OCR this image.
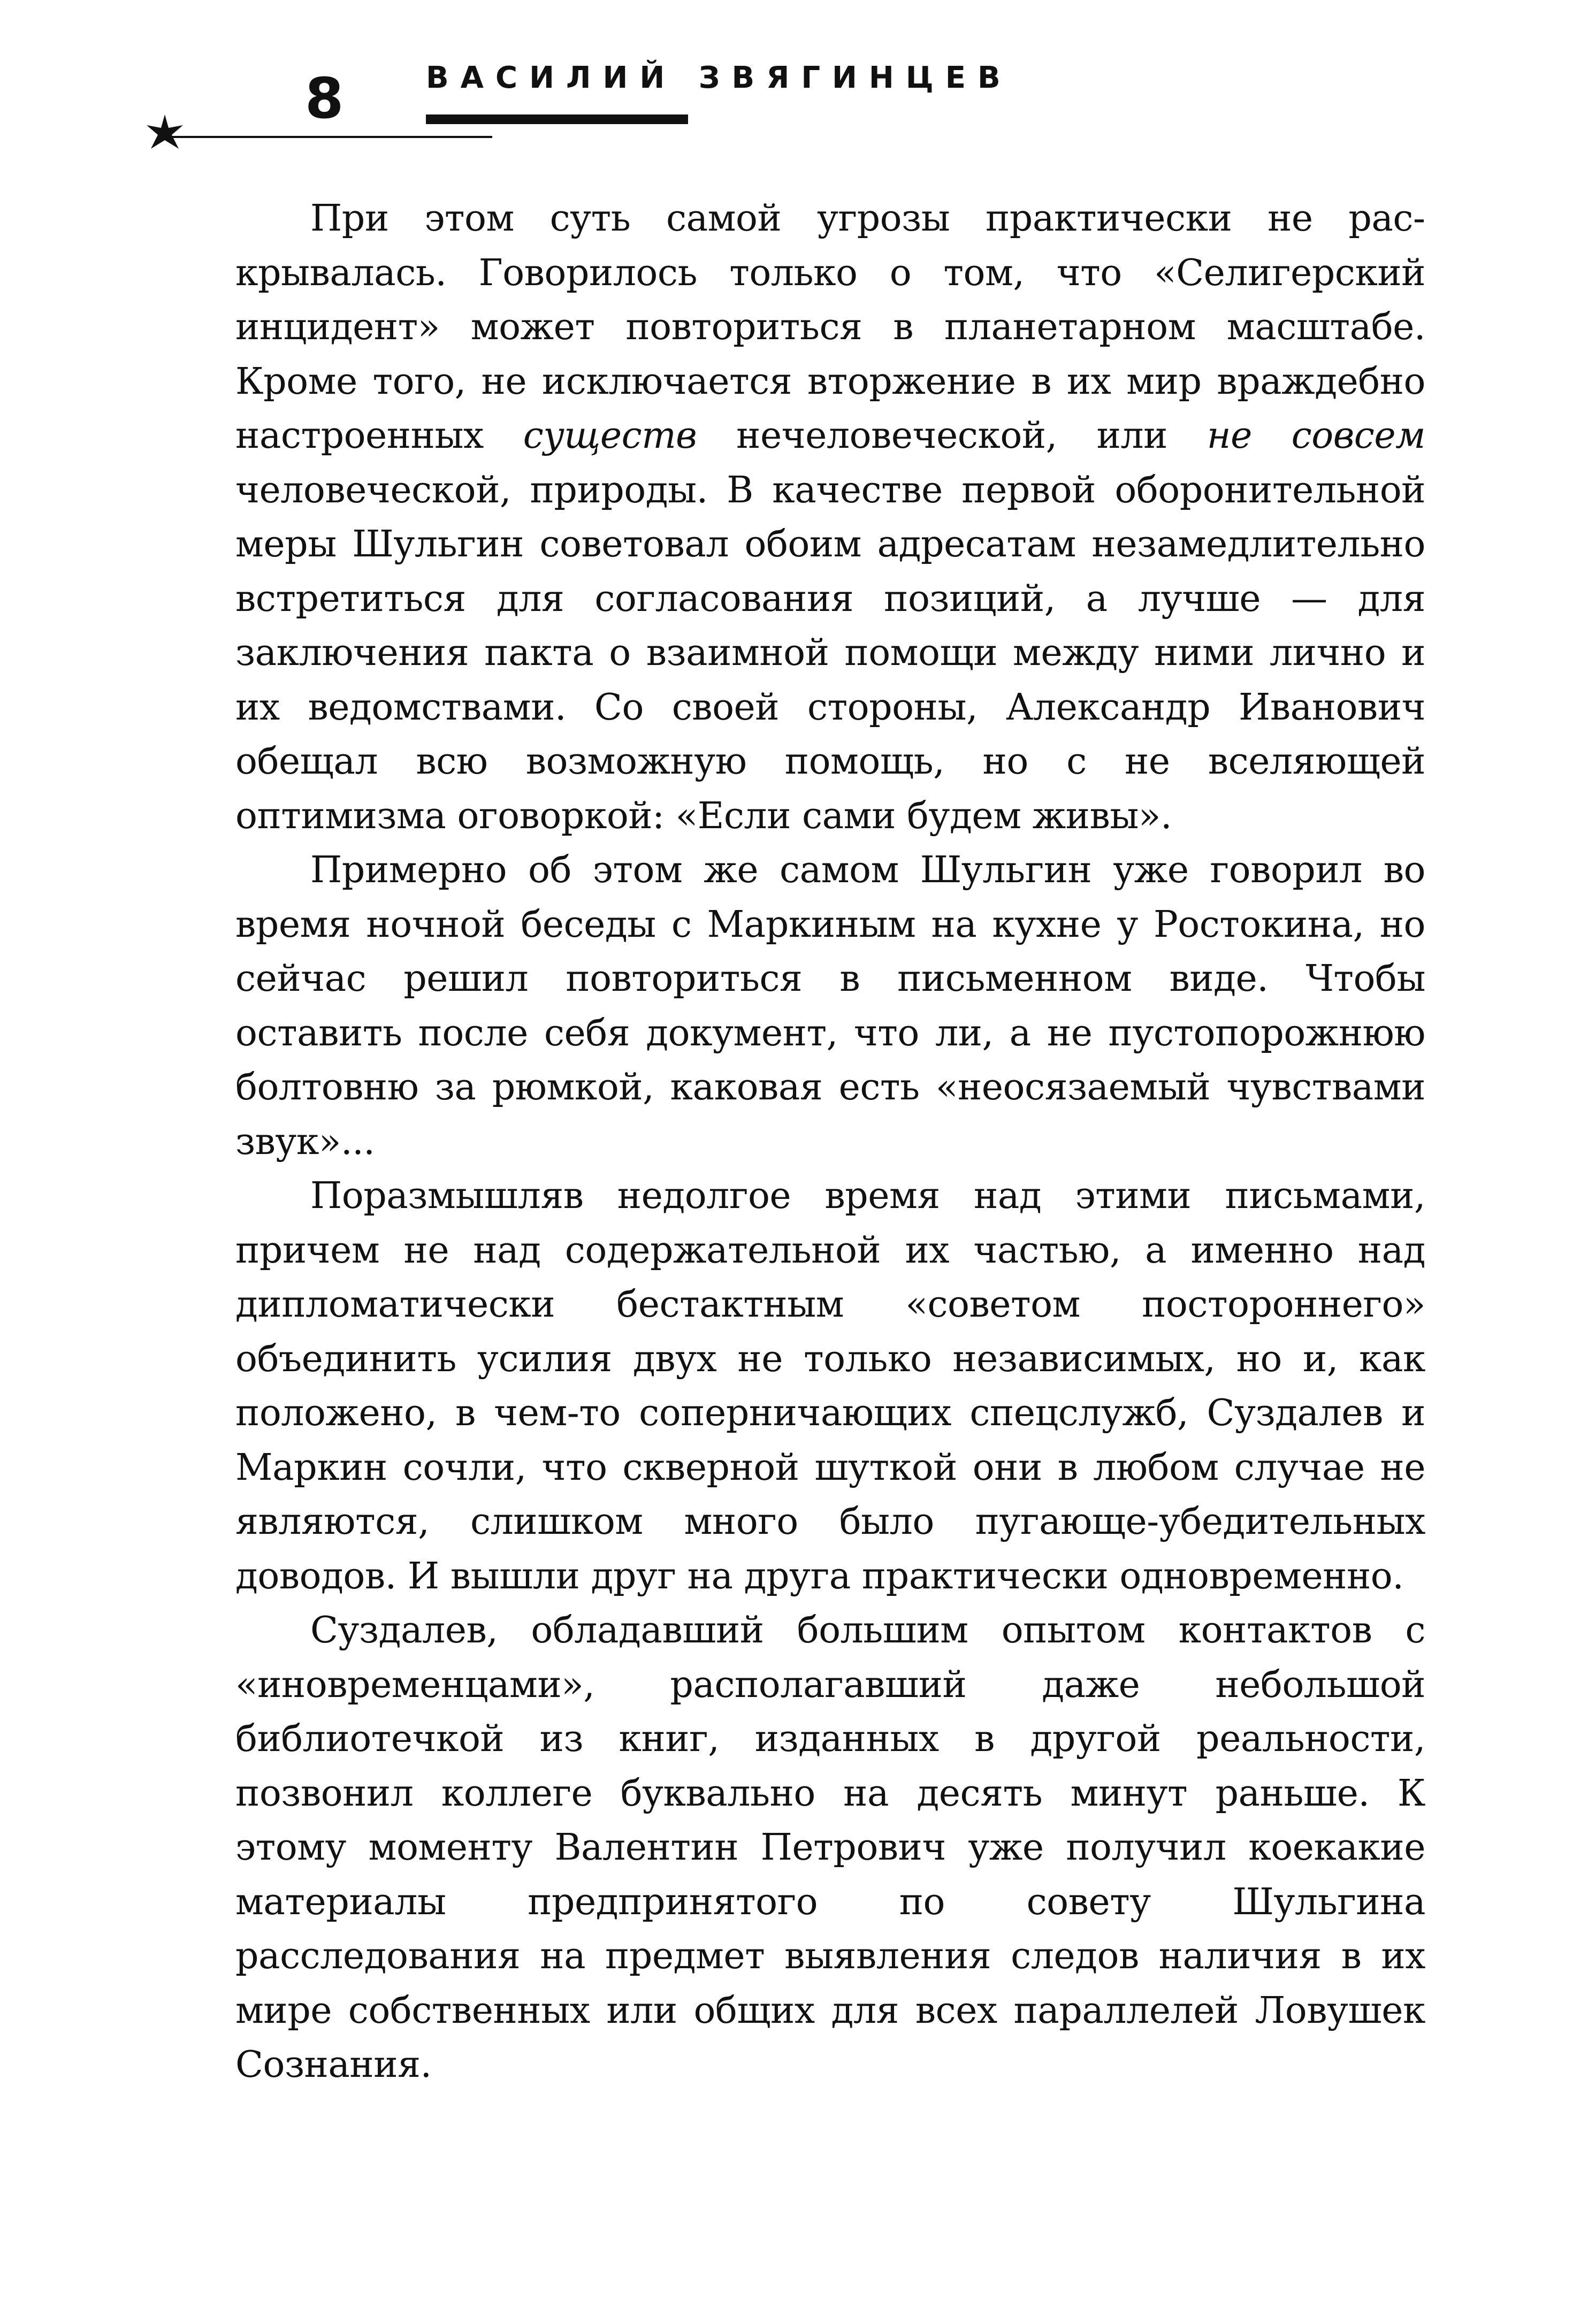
8	ВАСИЛИЙ ЗВЯГИНЦЕВ

При этом суть самой угрозы практически не раскрывалась. Говорилось только о том, что «Селигерский инцидент» может повториться в планетарном масштабе. Кроме того, не исключается вторжение в их мир враждебно настроенных существ нечеловеческой, или не совсем человеческой, природы. В качестве первой оборонительной меры Шульгин советовал обоим адресатам незамедлительно встретиться для согласования позиций, а лучше — для заключения пакта о взаимной помощи между ними лично и их ведомствами. Со своей стороны, Александр Иванович обещал всю возможную помощь, но с не вселяющей оптимизма оговоркой: «Если сами будем живы».

Примерно об этом же самом Шульгин уже говорил во время ночной беседы с Маркиным на кухне у Ростокина, но сейчас решил повториться в письменном виде. Чтобы оставить после себя документ, что ли, а не пустопорожнюю болтовню за рюмкой, каковая есть «неосязаемый чувствами звук»...

Поразмышляв недолгое время над этими письмами, причем не над содержательной их частью, а именно над дипломатически бестактным «советом постороннего» объединить усилия двух не только независимых, но и, как положено, в чем-то соперничающих спецслужб, Суздалев и Маркин сочли, что скверной шуткой они в любом случае не являются, слишком много было пугающе-убедительных доводов. И вышли друг на друга практически одновременно.

Суздалев, обладавший большим опытом контактов с «иновременцами», располагавший даже небольшой библиотечкой из книг, изданных в другой реальности, позвонил коллеге буквально на десять минут раньше. К этому моменту Валентин Петрович уже получил коекакие материалы предпринятого по совету Шульгина расследования на предмет выявления следов наличия в их мире собственных или общих для всех параллелей Ловушек Сознания.
